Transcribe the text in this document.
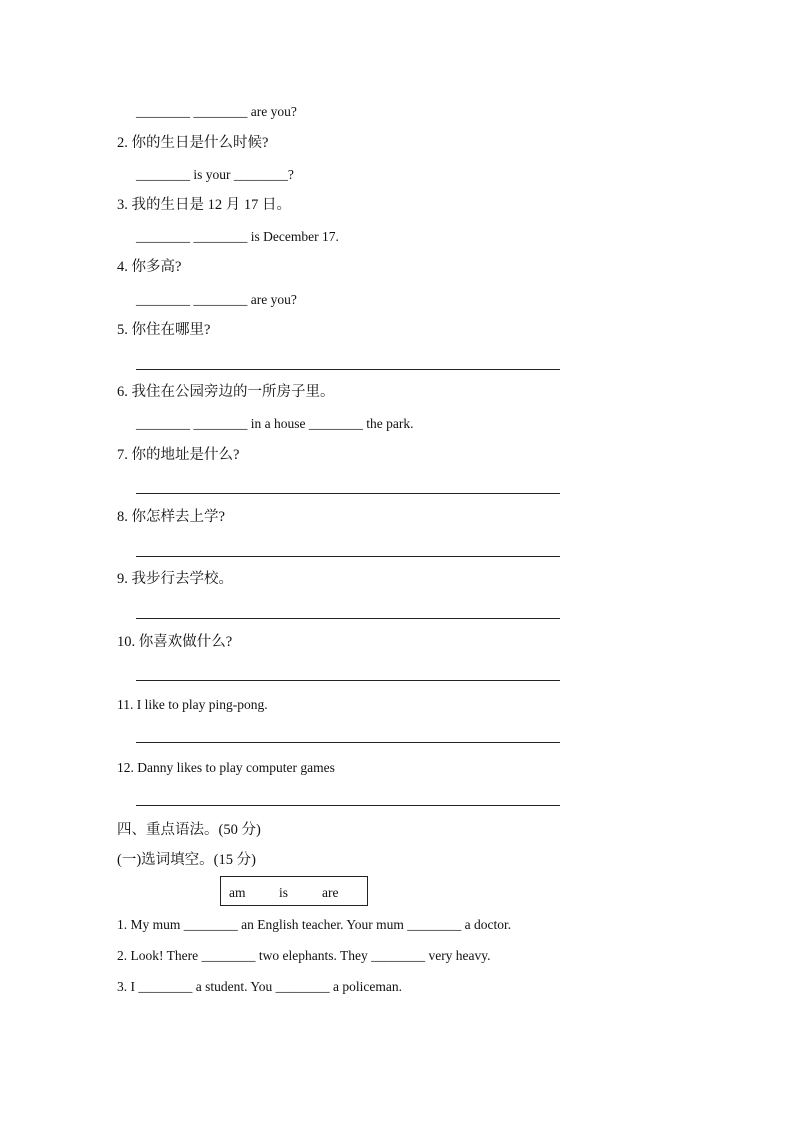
________ ________ are you?
2. 你的生日是什么时候?
________ is your ________?
3. 我的生日是 12 月 17 日。
________ ________ is December 17.
4. 你多高?
________ ________ are you?
5. 你住在哪里?
6. 我住在公园旁边的一所房子里。
________ ________ in a house ________ the park.
7. 你的地址是什么?
8. 你怎样去上学?
9. 我步行去学校。
10. 你喜欢做什么?
11. I like to play ping-pong.
12. Danny likes to play computer games
四、重点语法。(50 分)
(一)选词填空。(15 分)
am is	are
1. My mum ________ an English teacher. Your mum ________ a doctor.
2. Look! There ________ two elephants. They ________ very heavy.
3. I ________ a student. You ________ a policeman.
